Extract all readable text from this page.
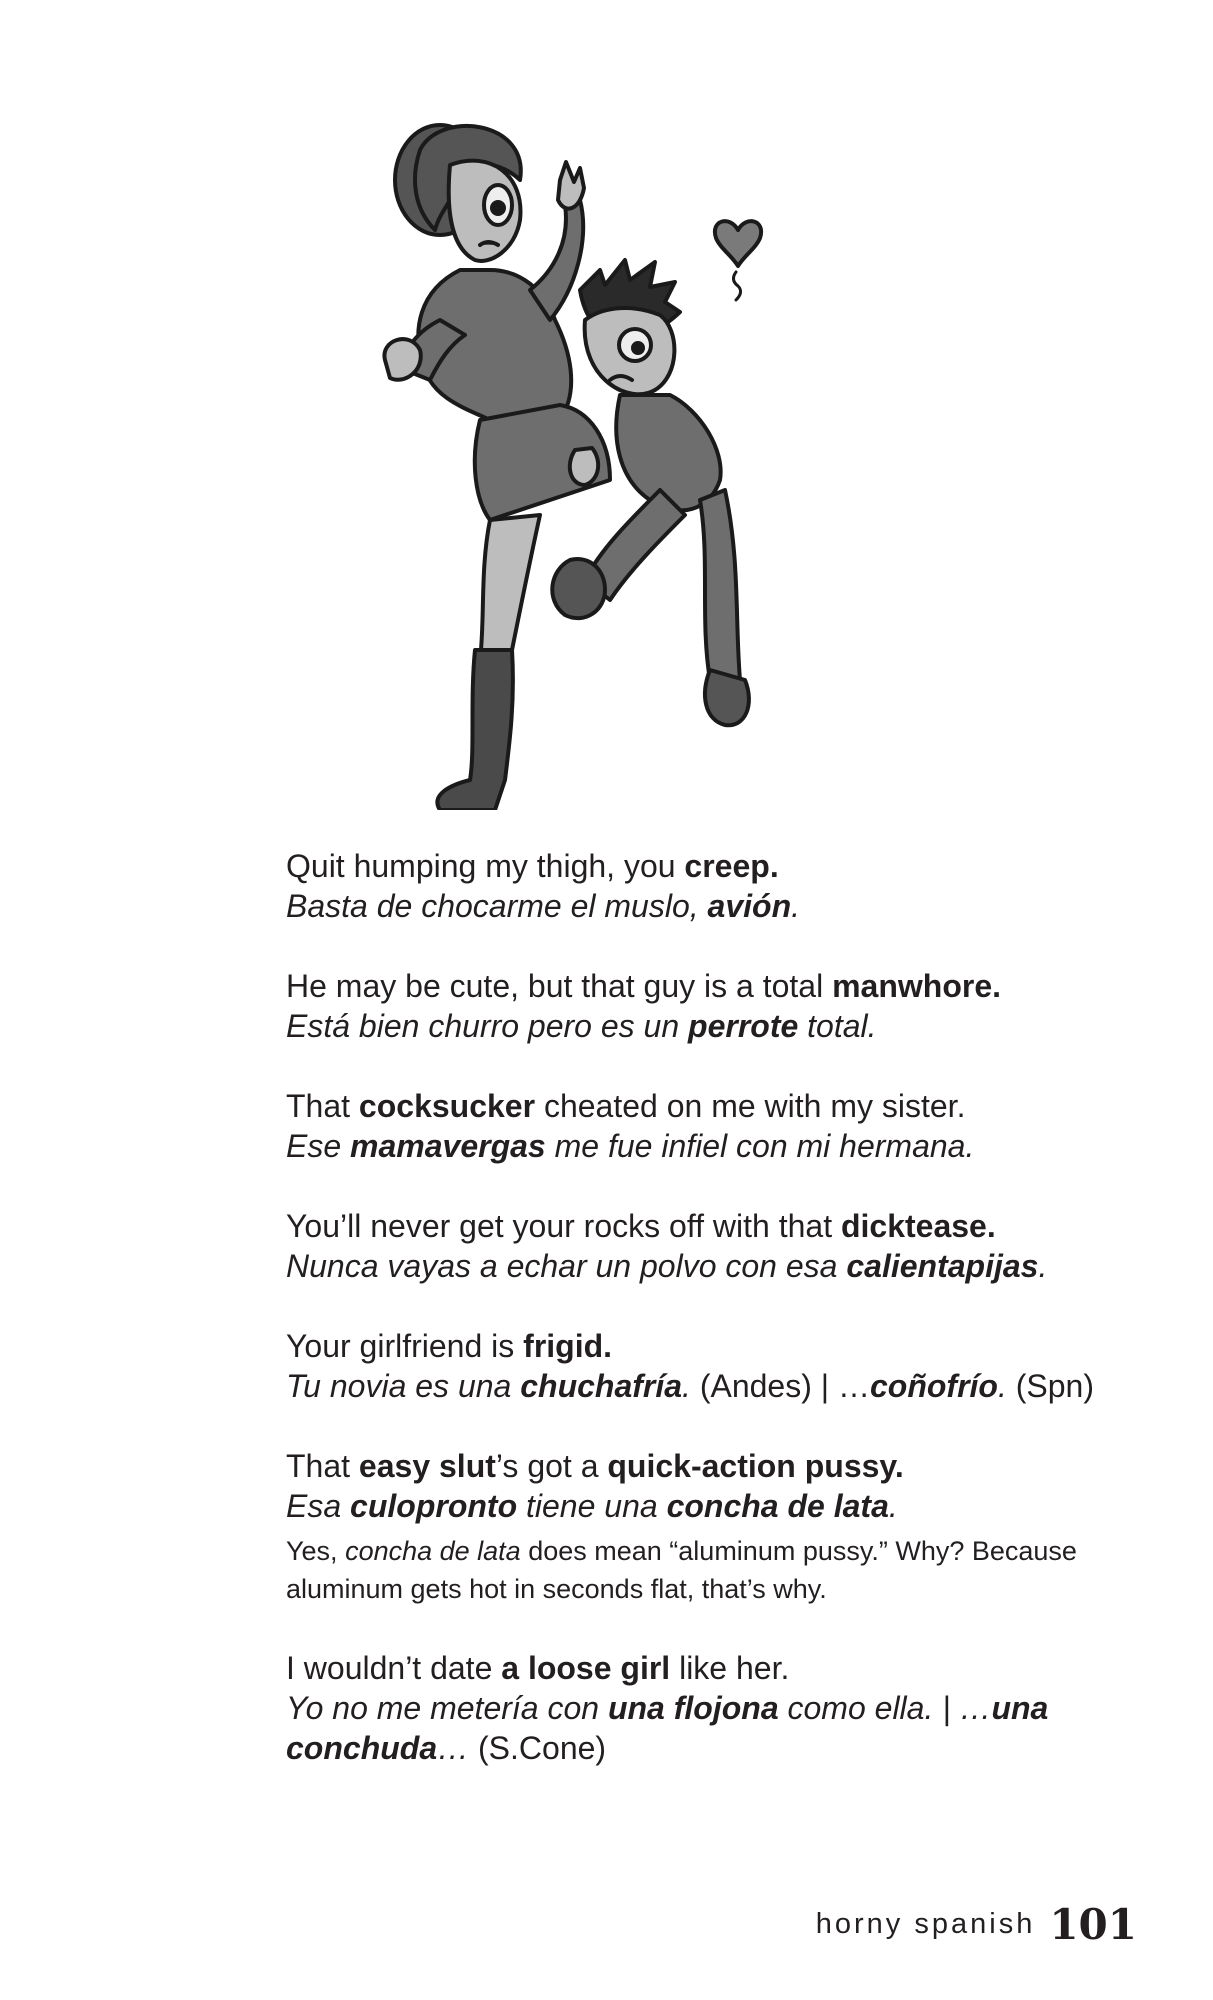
Quit humping my thigh, you creep.
Basta de chocarme el muslo, avión.
He may be cute, but that guy is a total manwhore.
Está bien churro pero es un perrote total.
That cocksucker cheated on me with my sister.
Ese mamavergas me fue infiel con mi hermana.
You’ll never get your rocks off with that dicktease.
Nunca vayas a echar un polvo con esa calientapijas.
Your girlfriend is frigid.
Tu novia es una chuchafría. (Andes) | …coñofrío. (Spn)
That easy slut’s got a quick-action pussy.
Esa culopronto tiene una concha de lata.
Yes, concha de lata does mean “aluminum pussy.” Why? Because aluminum gets hot in seconds flat, that’s why.
I wouldn’t date a loose girl like her.
Yo no me metería con una flojona como ella. | …una conchuda… (S.Cone)
horny spanish 101
